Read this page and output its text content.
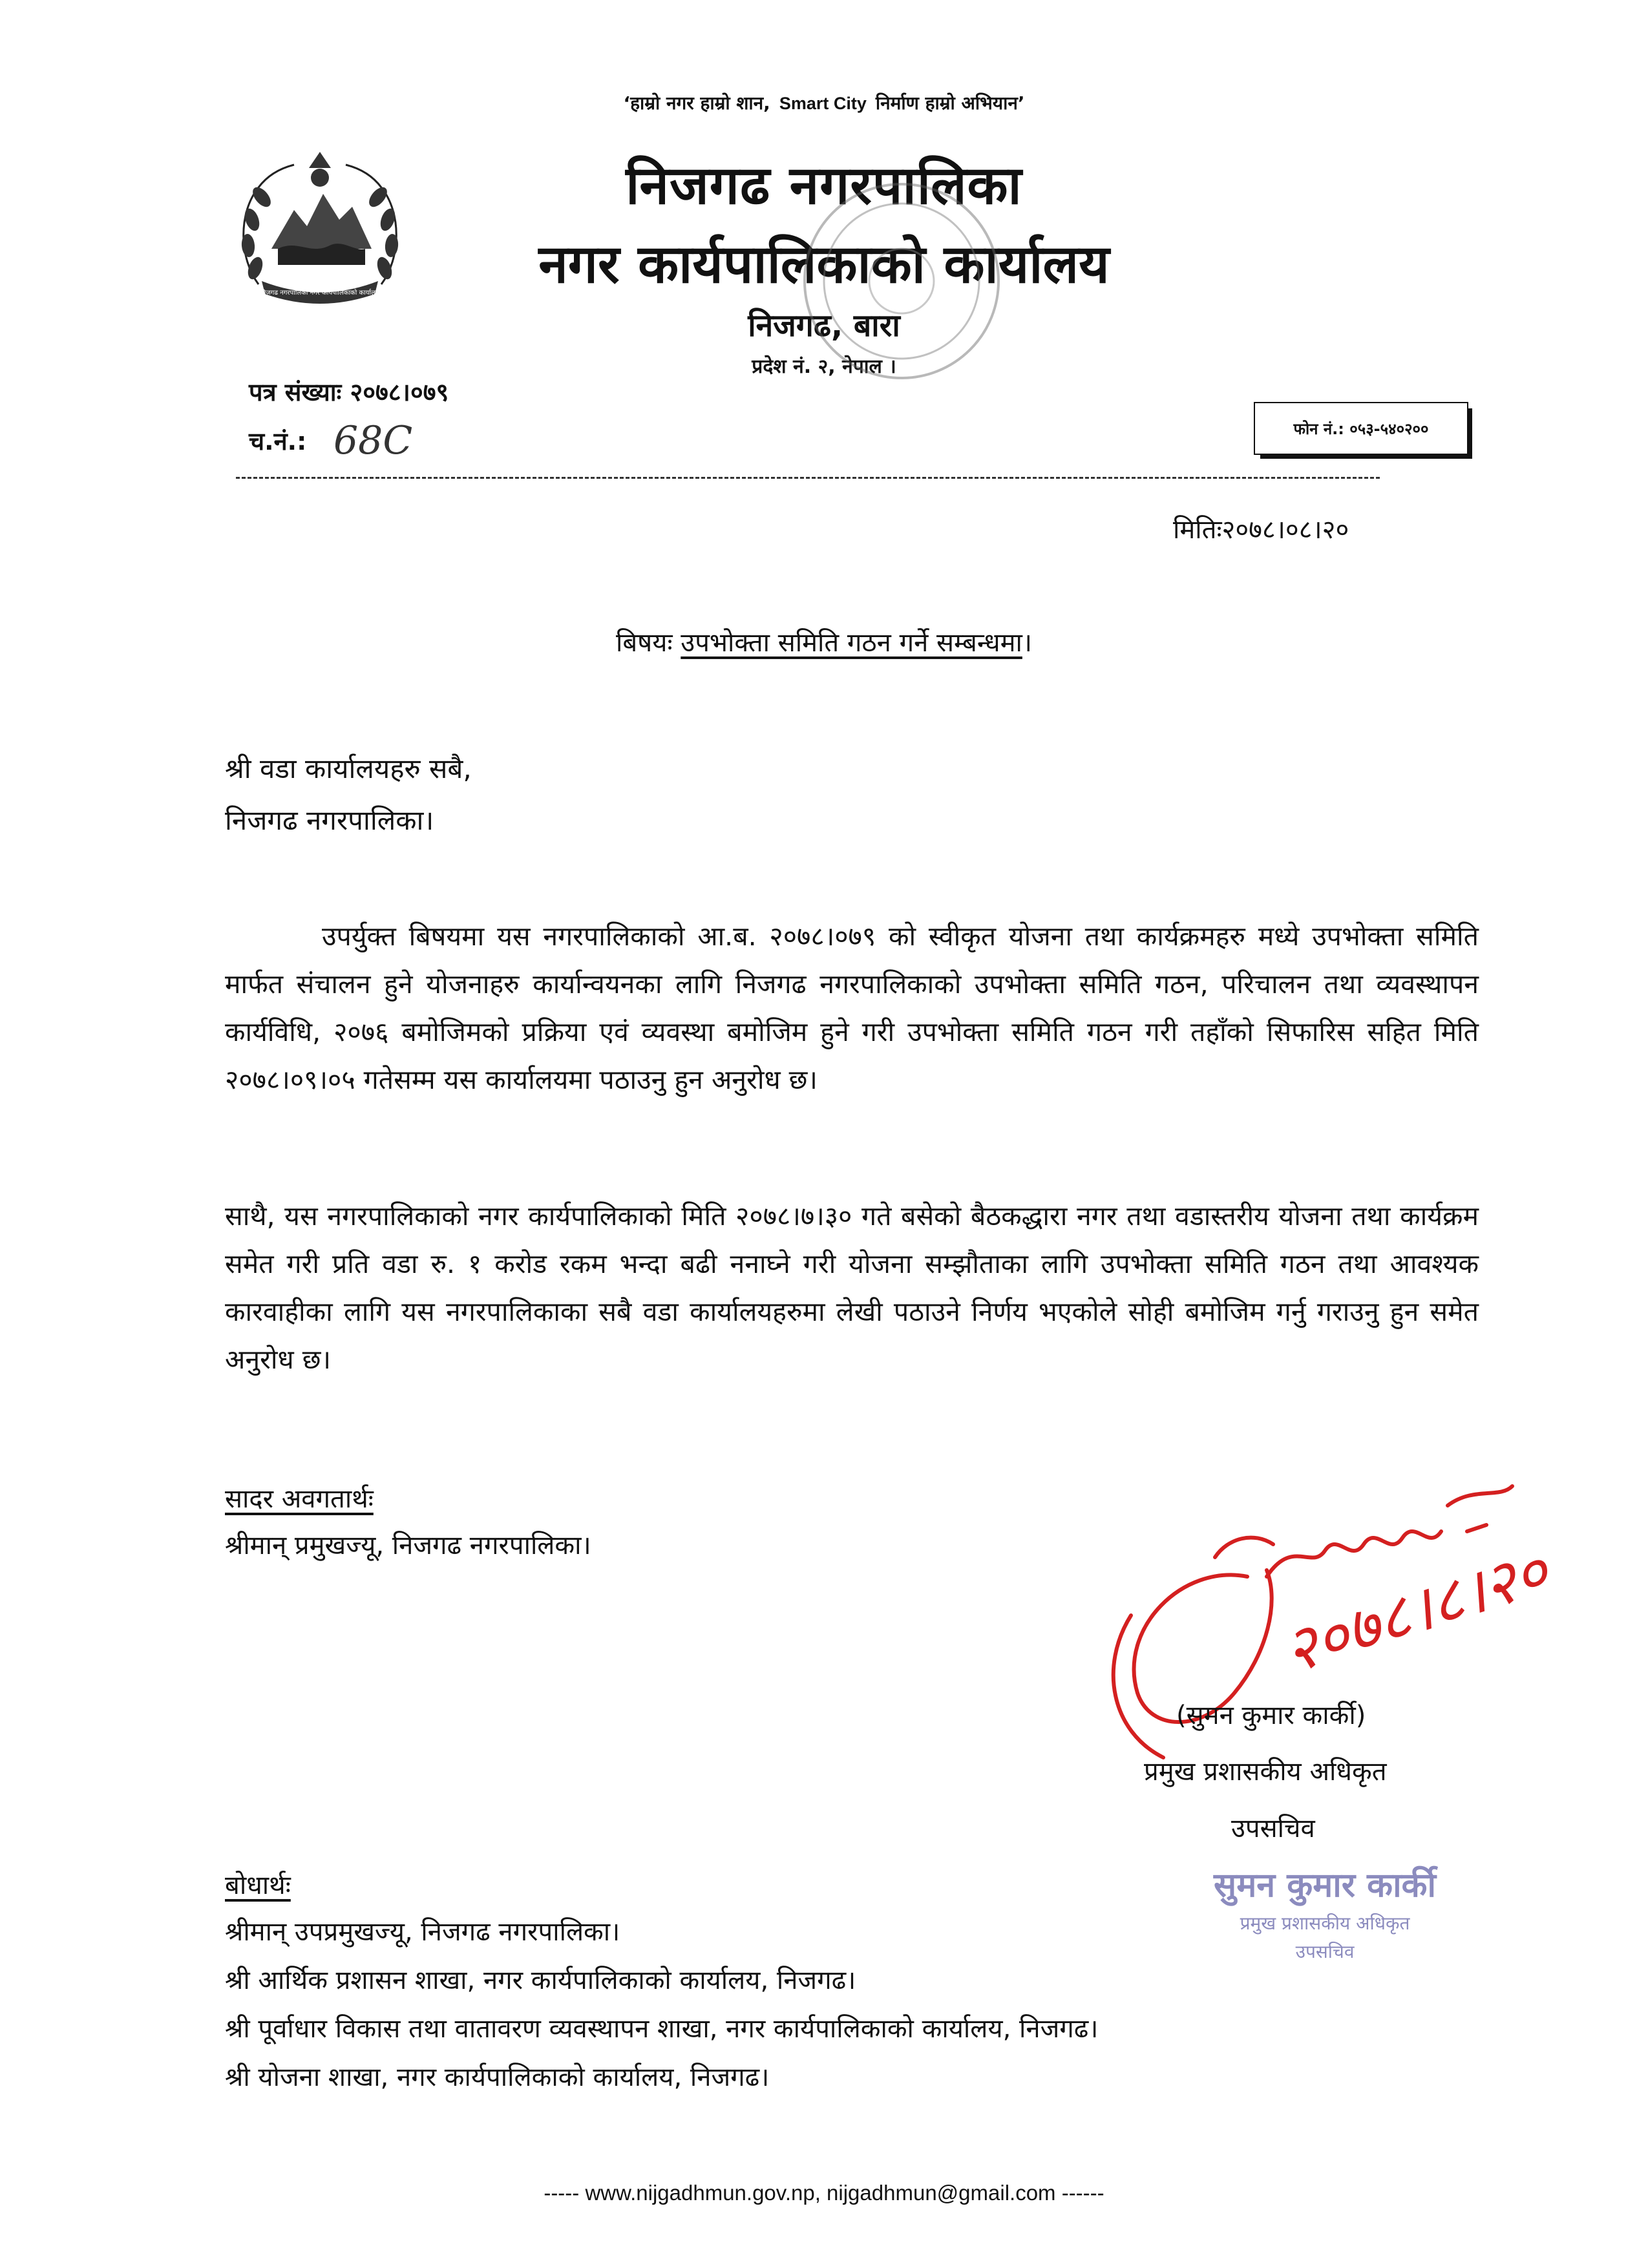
‘हाम्रो नगर हाम्रो शान, Smart City निर्माण हाम्रो अभियान’
निजगढ नगरपालिका नगर कार्यपालिकाको कार्यालय
निजगढ नगरपालिका
नगर कार्यपालिकाको कार्यालय
निजगढ, बारा
प्रदेश नं. २, नेपाल ।
पत्र संख्याः २०७८।०७९
च.नं.: 68C	फोन नं.: ०५३-५४०२००
मितिः२०७८।०८।२०
बिषयः उपभोक्ता समिति गठन गर्ने सम्बन्धमा।
श्री वडा कार्यालयहरु सबै,
निजगढ नगरपालिका।
उपर्युक्त बिषयमा यस नगरपालिकाको आ.ब. २०७८।०७९ को स्वीकृत योजना तथा कार्यक्रमहरु मध्ये उपभोक्ता समिति मार्फत संचालन हुने योजनाहरु कार्यान्वयनका लागि निजगढ नगरपालिकाको उपभोक्ता समिति गठन, परिचालन तथा व्यवस्थापन कार्यविधि, २०७६ बमोजिमको प्रक्रिया एवं व्यवस्था बमोजिम हुने गरी उपभोक्ता समिति गठन गरी तहाँको सिफारिस सहित मिति २०७८।०९।०५ गतेसम्म यस कार्यालयमा पठाउनु हुन अनुरोध छ।
साथै, यस नगरपालिकाको नगर कार्यपालिकाको मिति २०७८।७।३० गते बसेको बैठकद्धारा नगर तथा वडास्तरीय योजना तथा कार्यक्रम समेत गरी प्रति वडा रु. १ करोड रकम भन्दा बढी ननाघ्ने गरी योजना सम्झौताका लागि उपभोक्ता समिति गठन तथा आवश्यक कारवाहीका लागि यस नगरपालिकाका सबै वडा कार्यालयहरुमा लेखी पठाउने निर्णय भएकोले सोही बमोजिम गर्नु गराउनु हुन समेत अनुरोध छ।
सादर अवगतार्थः
श्रीमान् प्रमुखज्यू, निजगढ नगरपालिका।	२०७८।८।२०
(सुमन कुमार कार्की)
प्रमुख प्रशासकीय अधिकृत
उपसचिव
सुमन कुमार कार्की
प्रमुख प्रशासकीय अधिकृत
उपसचिव
बोधार्थः
श्रीमान् उपप्रमुखज्यू, निजगढ नगरपालिका।
श्री आर्थिक प्रशासन शाखा, नगर कार्यपालिकाको कार्यालय, निजगढ।
श्री पूर्वाधार विकास तथा वातावरण व्यवस्थापन शाखा, नगर कार्यपालिकाको कार्यालय, निजगढ।
श्री योजना शाखा, नगर कार्यपालिकाको कार्यालय, निजगढ।
----- www.nijgadhmun.gov.np, nijgadhmun@gmail.com ------
